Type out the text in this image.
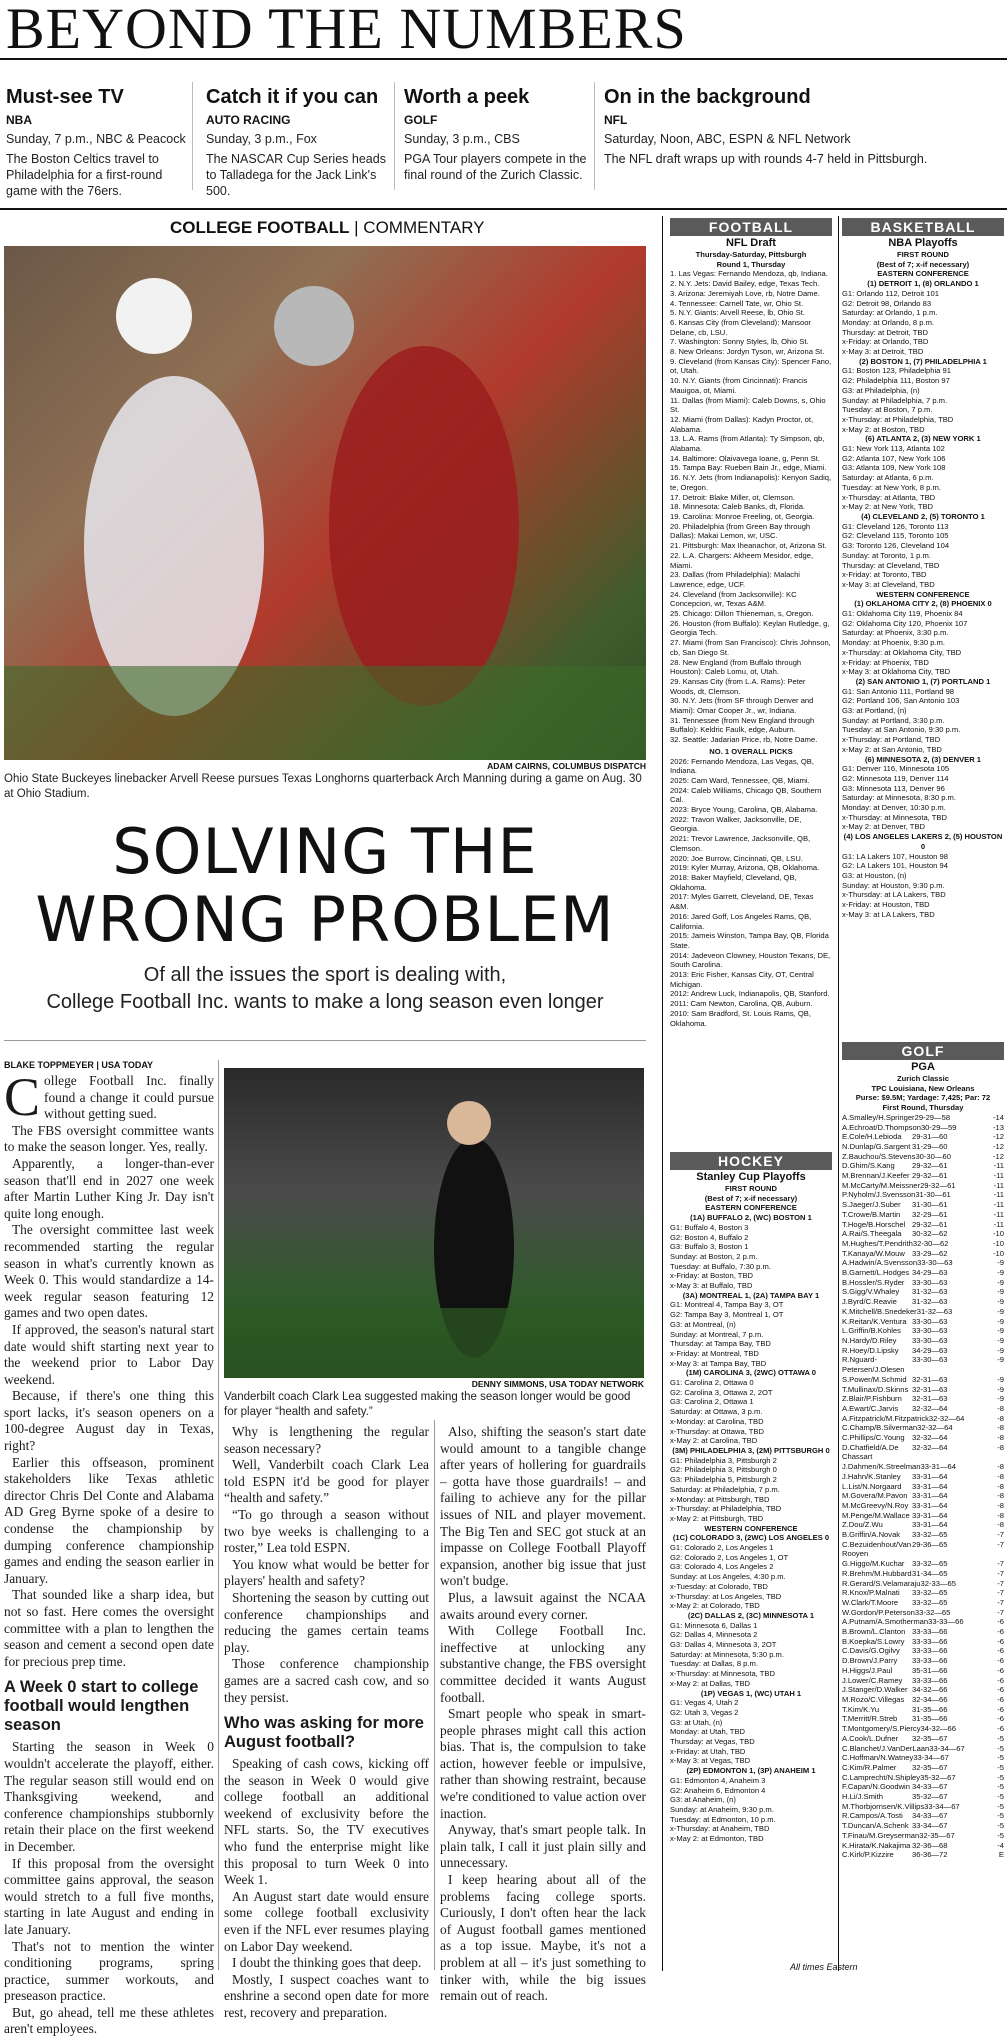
BEYOND THE NUMBERS
Must-see TV
NBA
Sunday, 7 p.m., NBC & Peacock
The Boston Celtics travel to Philadelphia for a first-round game with the 76ers.
Catch it if you can
AUTO RACING
Sunday, 3 p.m., Fox
The NASCAR Cup Series heads to Talladega for the Jack Link's 500.
Worth a peek
GOLF
Sunday, 3 p.m., CBS
PGA Tour players compete in the final round of the Zurich Classic.
On in the background
NFL
Saturday, Noon, ABC, ESPN & NFL Network
The NFL draft wraps up with rounds 4-7 held in Pittsburgh.
COLLEGE FOOTBALL | COMMENTARY
ADAM CAIRNS, COLUMBUS DISPATCH
Ohio State Buckeyes linebacker Arvell Reese pursues Texas Longhorns quarterback Arch Manning during a game on Aug. 30 at Ohio Stadium.
SOLVING THE
WRONG PROBLEM
Of all the issues the sport is dealing with,
College Football Inc. wants to make a long season even longer
BLAKE TOPPMEYER | USA TODAY

College Football Inc. finally found a change it could pursue without getting sued.

The FBS oversight committee wants to make the season longer. Yes, really.

Apparently, a longer-than-ever season that'll end in 2027 one week after Martin Luther King Jr. Day isn't quite long enough.

The oversight committee last week recommended starting the regular season in what's currently known as Week 0. This would standardize a 14-week regular season featuring 12 games and two open dates.

If approved, the season's natural start date would shift starting next year to the weekend prior to Labor Day weekend.

Because, if there's one thing this sport lacks, it's season openers on a 100-degree August day in Texas, right?

Earlier this offseason, prominent stakeholders like Texas athletic director Chris Del Conte and Alabama AD Greg Byrne spoke of a desire to condense the championship by dumping conference championship games and ending the season earlier in January.

That sounded like a sharp idea, but not so fast. Here comes the oversight committee with a plan to lengthen the season and cement a second open date for precious prep time.

A Week 0 start to college football would lengthen season

Starting the season in Week 0 wouldn't accelerate the playoff, either. The regular season still would end on Thanksgiving weekend, and conference championships stubbornly retain their place on the first weekend in December.

If this proposal from the oversight committee gains approval, the season would stretch to a full five months, starting in late August and ending in late January.

That's not to mention the winter conditioning programs, spring practice, summer workouts, and preseason practice.

But, go ahead, tell me these athletes aren't employees.

DENNY SIMMONS, USA TODAY NETWORK
Vanderbilt coach Clark Lea suggested making the season longer would be good for player “health and safety.”

Why is lengthening the regular season necessary?

Well, Vanderbilt coach Clark Lea told ESPN it'd be good for player “health and safety.”

“To go through a season without two bye weeks is challenging to a roster,” Lea told ESPN.

You know what would be better for players' health and safety?

Shortening the season by cutting out conference championships and reducing the games certain teams play.

Those conference championship games are a sacred cash cow, and so they persist.

Who was asking for more August football?

Speaking of cash cows, kicking off the season in Week 0 would give college football an additional weekend of exclusivity before the NFL starts. So, the TV executives who fund the enterprise might like this proposal to turn Week 0 into Week 1.

An August start date would ensure some college football exclusivity even if the NFL ever resumes playing on Labor Day weekend.

I doubt the thinking goes that deep.

Mostly, I suspect coaches want to enshrine a second open date for more rest, recovery and preparation.

Also, shifting the season's start date would amount to a tangible change after years of hollering for guardrails – gotta have those guardrails! – and failing to achieve any for the pillar issues of NIL and player movement. The Big Ten and SEC got stuck at an impasse on College Football Playoff expansion, another big issue that just won't budge.

Plus, a lawsuit against the NCAA awaits around every corner.

With College Football Inc. ineffective at unlocking any substantive change, the FBS oversight committee decided it wants August football.

Smart people who speak in smart-people phrases might call this action bias. That is, the compulsion to take action, however feeble or impulsive, rather than showing restraint, because we're conditioned to value action over inaction.

Anyway, that's smart people talk. In plain talk, I call it just plain silly and unnecessary.

I keep hearing about all of the problems facing college sports. Curiously, I don't often hear the lack of August football games mentioned as a top issue. Maybe, it's not a problem at all – it's just something to tinker with, while the big issues remain out of reach.

FOOTBALL
NFL Draft
Thursday-Saturday, Pittsburgh
Round 1, Thursday
1. Las Vegas: Fernando Mendoza, qb, Indiana.
2. N.Y. Jets: David Bailey, edge, Texas Tech.
3. Arizona: Jeremiyah Love, rb, Notre Dame.
4. Tennessee: Carnell Tate, wr, Ohio St.
5. N.Y. Giants: Arvell Reese, lb, Ohio St.
6. Kansas City (from Cleveland): Mansoor Delane, cb, LSU.
7. Washington: Sonny Styles, lb, Ohio St.
8. New Orleans: Jordyn Tyson, wr, Arizona St.
9. Cleveland (from Kansas City): Spencer Fano, ot, Utah.
10. N.Y. Giants (from Cincinnati): Francis Mauigoa, ot, Miami.
11. Dallas (from Miami): Caleb Downs, s, Ohio St.
12. Miami (from Dallas): Kadyn Proctor, ot, Alabama.
13. L.A. Rams (from Atlanta): Ty Simpson, qb, Alabama.
14. Baltimore: Olaivavega Ioane, g, Penn St.
15. Tampa Bay: Rueben Bain Jr., edge, Miami.
16. N.Y. Jets (from Indianapolis): Kenyon Sadiq, te, Oregon.
17. Detroit: Blake Miller, ot, Clemson.
18. Minnesota: Caleb Banks, dt, Florida.
19. Carolina: Monroe Freeling, ot, Georgia.
20. Philadelphia (from Green Bay through Dallas): Makai Lemon, wr, USC.
21. Pittsburgh: Max Iheanachor, ot, Arizona St.
22. L.A. Chargers: Akheem Mesidor, edge, Miami.
23. Dallas (from Philadelphia): Malachi Lawrence, edge, UCF.
24. Cleveland (from Jacksonville): KC Concepcion, wr, Texas A&M.
25. Chicago: Dillon Thieneman, s, Oregon.
26. Houston (from Buffalo): Keylan Rutledge, g, Georgia Tech.
27. Miami (from San Francisco): Chris Johnson, cb, San Diego St.
28. New England (from Buffalo through Houston): Caleb Lomu, ot, Utah.
29. Kansas City (from L.A. Rams): Peter Woods, dt, Clemson.
30. N.Y. Jets (from SF through Denver and Miami): Omar Cooper Jr., wr, Indiana.
31. Tennessee (from New England through Buffalo): Keldric Faulk, edge, Auburn.
32. Seattle: Jadarian Price, rb, Notre Dame.
NO. 1 OVERALL PICKS
2026: Fernando Mendoza, Las Vegas, QB, Indiana.
2025: Cam Ward, Tennessee, QB, Miami.
2024: Caleb Williams, Chicago QB, Southern Cal.
2023: Bryce Young, Carolina, QB, Alabama.
2022: Travon Walker, Jacksonville, DE, Georgia.
2021: Trevor Lawrence, Jacksonville, QB, Clemson.
2020: Joe Burrow, Cincinnati, QB, LSU.
2019: Kyler Murray, Arizona, QB, Oklahoma.
2018: Baker Mayfield, Cleveland, QB, Oklahoma.
2017: Myles Garrett, Cleveland, DE, Texas A&M.
2016: Jared Goff, Los Angeles Rams, QB, California.
2015: Jameis Winston, Tampa Bay, QB, Florida State.
2014: Jadeveon Clowney, Houston Texans, DE, South Carolina.
2013: Eric Fisher, Kansas City, OT, Central Michigan.
2012: Andrew Luck, Indianapolis, QB, Stanford.
2011: Cam Newton, Carolina, QB, Auburn.
2010: Sam Bradford, St. Louis Rams, QB, Oklahoma.
HOCKEY
Stanley Cup Playoffs
FIRST ROUND
(Best of 7; x-if necessary)
EASTERN CONFERENCE
(1A) BUFFALO 2, (WC) BOSTON 1
G1: Buffalo 4, Boston 3
G2: Boston 4, Buffalo 2
G3: Buffalo 3, Boston 1
Sunday: at Boston, 2 p.m.
Tuesday: at Buffalo, 7:30 p.m.
x-Friday: at Boston, TBD
x-May 3: at Buffalo, TBD
(3A) MONTREAL 1, (2A) TAMPA BAY 1
G1: Montreal 4, Tampa Bay 3, OT
G2: Tampa Bay 3, Montreal 1, OT
G3: at Montreal, (n)
Sunday: at Montreal, 7 p.m.
Thursday: at Tampa Bay, TBD
x-Friday: at Montreal, TBD
x-May 3: at Tampa Bay, TBD
(1M) CAROLINA 3, (2WC) OTTAWA 0
G1: Carolina 2, Ottawa 0
G2: Carolina 3, Ottawa 2, 2OT
G3: Carolina 2, Ottawa 1
Saturday: at Ottawa, 3 p.m.
x-Monday: at Carolina, TBD
x-Thursday: at Ottawa, TBD
x-May 2: at Carolina, TBD
(3M) PHILADELPHIA 3, (2M) PITTSBURGH 0
G1: Philadelphia 3, Pittsburgh 2
G2: Philadelphia 3, Pittsburgh 0
G3: Philadelphia 5, Pittsburgh 2
Saturday: at Philadelphia, 7 p.m.
x-Monday: at Pittsburgh, TBD
x-Thursday: at Philadelphia, TBD
x-May 2: at Pittsburgh, TBD
WESTERN CONFERENCE
(1C) COLORADO 3, (2WC) LOS ANGELES 0
G1: Colorado 2, Los Angeles 1
G2: Colorado 2, Los Angeles 1, OT
G3: Colorado 4, Los Angeles 2
Sunday: at Los Angeles, 4:30 p.m.
x-Tuesday: at Colorado, TBD
x-Thursday: at Los Angeles, TBD
x-May 2: at Colorado, TBD
(2C) DALLAS 2, (3C) MINNESOTA 1
G1: Minnesota 6, Dallas 1
G2: Dallas 4, Minnesota 2
G3: Dallas 4, Minnesota 3, 2OT
Saturday: at Minnesota, 5:30 p.m.
Tuesday: at Dallas, 8 p.m.
x-Thursday: at Minnesota, TBD
x-May 2: at Dallas, TBD
(1P) VEGAS 1, (WC) UTAH 1
G1: Vegas 4, Utah 2
G2: Utah 3, Vegas 2
G3: at Utah, (n)
Monday: at Utah, TBD
Thursday: at Vegas, TBD
x-Friday: at Utah, TBD
x-May 3: at Vegas, TBD
(2P) EDMONTON 1, (3P) ANAHEIM 1
G1: Edmonton 4, Anaheim 3
G2: Anaheim 6, Edmonton 4
G3: at Anaheim, (n)
Sunday: at Anaheim, 9:30 p.m.
Tuesday: at Edmonton, 10 p.m.
x-Thursday: at Anaheim, TBD
x-May 2: at Edmonton, TBD
BASKETBALL
NBA Playoffs
FIRST ROUND
(Best of 7; x-if necessary)
EASTERN CONFERENCE
(1) DETROIT 1, (8) ORLANDO 1
G1: Orlando 112, Detroit 101
G2: Detroit 98, Orlando 83
Saturday: at Orlando, 1 p.m.
Monday: at Orlando, 8 p.m.
Thursday: at Detroit, TBD
x-Friday: at Orlando, TBD
x-May 3: at Detroit, TBD
(2) BOSTON 1, (7) PHILADELPHIA 1
G1: Boston 123, Philadelphia 91
G2: Philadelphia 111, Boston 97
G3: at Philadelphia, (n)
Sunday: at Philadelphia, 7 p.m.
Tuesday: at Boston, 7 p.m.
x-Thursday: at Philadelphia, TBD
x-May 2: at Boston, TBD
(6) ATLANTA 2, (3) NEW YORK 1
G1: New York 113, Atlanta 102
G2: Atlanta 107, New York 106
G3: Atlanta 109, New York 108
Saturday: at Atlanta, 6 p.m.
Tuesday: at New York, 8 p.m.
x-Thursday: at Atlanta, TBD
x-May 2: at New York, TBD
(4) CLEVELAND 2, (5) TORONTO 1
G1: Cleveland 126, Toronto 113
G2: Cleveland 115, Toronto 105
G3: Toronto 126, Cleveland 104
Sunday: at Toronto, 1 p.m.
Thursday: at Cleveland, TBD
x-Friday: at Toronto, TBD
x-May 3: at Cleveland, TBD
WESTERN CONFERENCE
(1) OKLAHOMA CITY 2, (8) PHOENIX 0
G1: Oklahoma City 119, Phoenix 84
G2: Oklahoma City 120, Phoenix 107
Saturday: at Phoenix, 3:30 p.m.
Monday: at Phoenix, 9:30 p.m.
x-Thursday: at Oklahoma City, TBD
x-Friday: at Phoenix, TBD
x-May 3: at Oklahoma City, TBD
(2) SAN ANTONIO 1, (7) PORTLAND 1
G1: San Antonio 111, Portland 98
G2: Portland 106, San Antonio 103
G3: at Portland, (n)
Sunday: at Portland, 3:30 p.m.
Tuesday: at San Antonio, 9:30 p.m.
x-Thursday: at Portland, TBD
x-May 2: at San Antonio, TBD
(6) MINNESOTA 2, (3) DENVER 1
G1: Denver 116, Minnesota 105
G2: Minnesota 119, Denver 114
G3: Minnesota 113, Denver 96
Saturday: at Minnesota, 8:30 p.m.
Monday: at Denver, 10:30 p.m.
x-Thursday: at Minnesota, TBD
x-May 2: at Denver, TBD
(4) LOS ANGELES LAKERS 2, (5) HOUSTON 0
G1: LA Lakers 107, Houston 98
G2: LA Lakers 101, Houston 94
G3: at Houston, (n)
Sunday: at Houston, 9:30 p.m.
x-Thursday: at LA Lakers, TBD
x-Friday: at Houston, TBD
x-May 3: at LA Lakers, TBD
GOLF
PGA
Zurich Classic
TPC Louisiana, New Orleans
Purse: $9.5M; Yardage: 7,425; Par: 72
First Round, Thursday
A.Smalley/H.Springer 29-29—58	-14
A.Echroat/D.Thompson 30-29—59	-13
E.Cole/H.Lebioda	29-31—60	-12
N.Dunlap/G.Sargent 31-29—60	-12
Z.Bauchou/S.Stevens 30-30—60	-12
D.Ghim/S.Kang	29-32—61	-11
M.Brennan/J.Keefer 29-32—61	-11
M.McCarty/M.Meissner 29-32—61	-11
P.Nyholm/J.Svensson 31-30—61	-11
S.Jaeger/J.Suber	31-30—61	-11
T.Crowe/B.Martin	32-29—61	-11
T.Hoge/B.Horschel 29-32—61	-11
A.Rai/S.Theegala	30-32—62	-10
M.Hughes/T.Pendrith 32-30—62	-10
T.Kanaya/W.Mouw 33-29—62	-10
A.Hadwin/A.Svensson 33-30—63	-9
B.Garnett/L.Hodges 34-29—63	-9
B.Hossler/S.Ryder 33-30—63	-9
S.Gigg/V.Whaley	31-32—63	-9
J.Byrd/C.Reavie	31-32—63	-9
K.Mitchell/B.Snedeker 31-32—63	-9
K.Reitan/K.Ventura 33-30—63	-9
L.Griffin/B.Kohles	33-30—63	-9
N.Hardy/D.Riley	33-30—63	-9
R.Hoey/D.Lipsky	34-29—63	-9
R.Nguard-Petersen/J.Olesen
33-30—63	-9
S.Power/M.Schmid 32-31—63	-9
T.Mullinax/D.Skinns 32-31—63	-9
Z.Blair/P.Fishburn	32-31—63	-9
A.Ewart/C.Jarvis	32-32—64	-8
A.Fitzpatrick/M.Fitzpatrick 32-32—64	-8
C.Champ/B.Silverman 32-32—64	-8
C.Phillips/C.Young 32-32—64	-8
D.Chatfield/A.De Chassart
32-32—64	-8
J.Dahmen/K.Streelman 33-31—64	-8
J.Hahn/K.Stanley	33-31—64	-8
L.List/N.Norgaard	33-31—64	-8
M.Govera/M.Pavon 33-31—64	-8
M.McGreevy/N.Roy 33-31—64	-8
M.Penge/M.Wallace 33-31—64	-8
Z.Dou/Z.Wu	33-31—64	-8
B.Griffin/A.Novak	33-32—65	-7
C.Bezuidenhout/Van Rooyen
29-36—65	-7
G.Higgo/M.Kuchar 33-32—65	-7
R.Brehm/M.Hubbard 31-34—65	-7
R.Gerard/S.Velamaraju 32-33—65	-7
R.Knox/P.Malnati	33-32—65	-7
W.Clark/T.Moore	33-32—65	-7
W.Gordon/P.Peterson 33-32—65	-7
A.Putnam/A.Smotherman 33-33—66	-6
B.Brown/L.Clanton 33-33—66	-6
B.Koepka/S.Lowry 33-33—66	-6
C.Davis/G.Ogilvy	33-33—66	-6
D.Brown/J.Parry	33-33—66	-6
H.Higgs/J.Paul	35-31—66	-6
J.Lower/C.Ramey	33-33—66	-6
J.Stanger/D.Walker 34-32—66	-6
M.Rozo/C.Villegas	32-34—66	-6
T.Kim/K.Yu	31-35—66	-6
T.Merritt/R.Streb	31-35—66	-6
T.Montgomery/S.Piercy 34-32—66	-6
A.Cook/L.Dufner	32-35—67	-5
C.Blanchet/J.VanDerLaan 33-34—67	-5
C.Hoffman/N.Watney 33-34—67	-5
C.Kim/R.Palmer	32-35—67	-5
C.Lamprecht/N.Shipley 35-32—67	-5
F.Capan/N.Goodwin 34-33—67	-5
H.Li/J.Smith	35-32—67	-5
M.Thorbjornsen/K.Villips 33-34—67	-5
R.Campos/A.Tosti	34-33—67	-5
T.Duncan/A.Schenk 33-34—67	-5
T.Finau/M.Greyserman 32-35—67	-5
K.Hirata/K.Nakajima 32-36—68	-4
C.Kirk/P.Kizzire	36-36—72	E
All times Eastern
